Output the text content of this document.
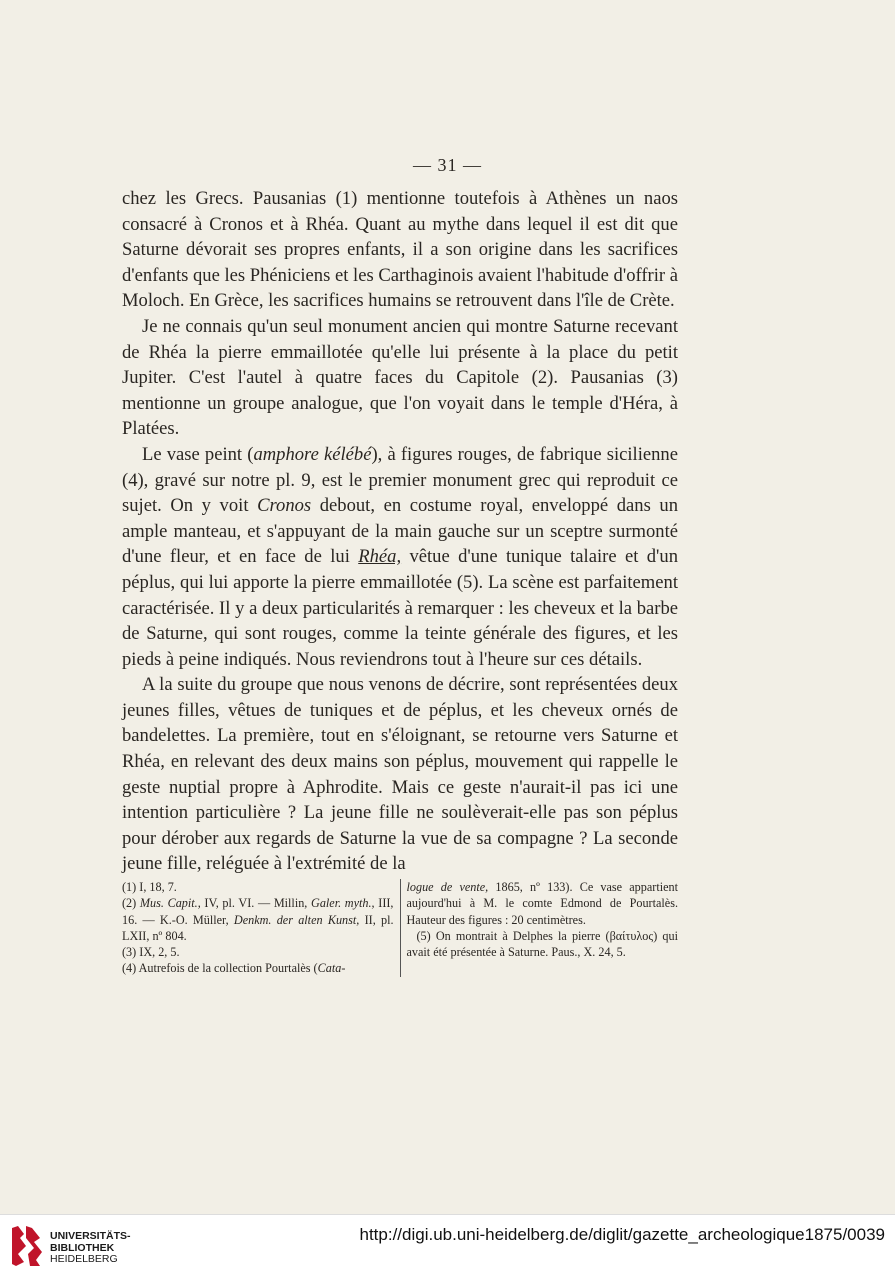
— 31 —

chez les Grecs. Pausanias (1) mentionne toutefois à Athènes un naos consacré à Cronos et à Rhéa. Quant au mythe dans lequel il est dit que Saturne dévorait ses propres enfants, il a son origine dans les sacrifices d'enfants que les Phéniciens et les Carthaginois avaient l'habitude d'offrir à Moloch. En Grèce, les sacrifices humains se retrouvent dans l'île de Crète.

Je ne connais qu'un seul monument ancien qui montre Saturne recevant de Rhéa la pierre emmaillotée qu'elle lui présente à la place du petit Jupiter. C'est l'autel à quatre faces du Capitole (2). Pausanias (3) mentionne un groupe analogue, que l'on voyait dans le temple d'Héra, à Platées.

Le vase peint (amphore kélébé), à figures rouges, de fabrique sicilienne (4), gravé sur notre pl. 9, est le premier monument grec qui reproduit ce sujet. On y voit Cronos debout, en costume royal, enveloppé dans un ample manteau, et s'appuyant de la main gauche sur un sceptre surmonté d'une fleur, et en face de lui Rhéa, vêtue d'une tunique talaire et d'un péplus, qui lui apporte la pierre emmaillotée (5). La scène est parfaitement caractérisée. Il y a deux particularités à remarquer : les cheveux et la barbe de Saturne, qui sont rouges, comme la teinte générale des figures, et les pieds à peine indiqués. Nous reviendrons tout à l'heure sur ces détails.

A la suite du groupe que nous venons de décrire, sont représentées deux jeunes filles, vêtues de tuniques et de péplus, et les cheveux ornés de bandelettes. La première, tout en s'éloignant, se retourne vers Saturne et Rhéa, en relevant des deux mains son péplus, mouvement qui rappelle le geste nuptial propre à Aphrodite. Mais ce geste n'aurait-il pas ici une intention particulière ? La jeune fille ne soulèverait-elle pas son péplus pour dérober aux regards de Saturne la vue de sa compagne ? La seconde jeune fille, reléguée à l'extrémité de la

(1) I, 18, 7.
(2) Mus. Capit., IV, pl. VI. — Millin, Galer. myth., III, 16. — K.-O. Müller, Denkm. der alten Kunst, II, pl. LXII, nº 804.
(3) IX, 2, 5.
(4) Autrefois de la collection Pourtalès (Cata-
logue de vente, 1865, nº 133). Ce vase appartient aujourd'hui à M. le comte Edmond de Pourtalès. Hauteur des figures : 20 centimètres.
(5) On montrait à Delphes la pierre (βαίτυλος) qui avait été présentée à Saturne. Paus., X. 24, 5.
UNIVERSITÄTS-
BIBLIOTHEK
HEIDELBERG
http://digi.ub.uni-heidelberg.de/diglit/gazette_archeologique1875/0039
